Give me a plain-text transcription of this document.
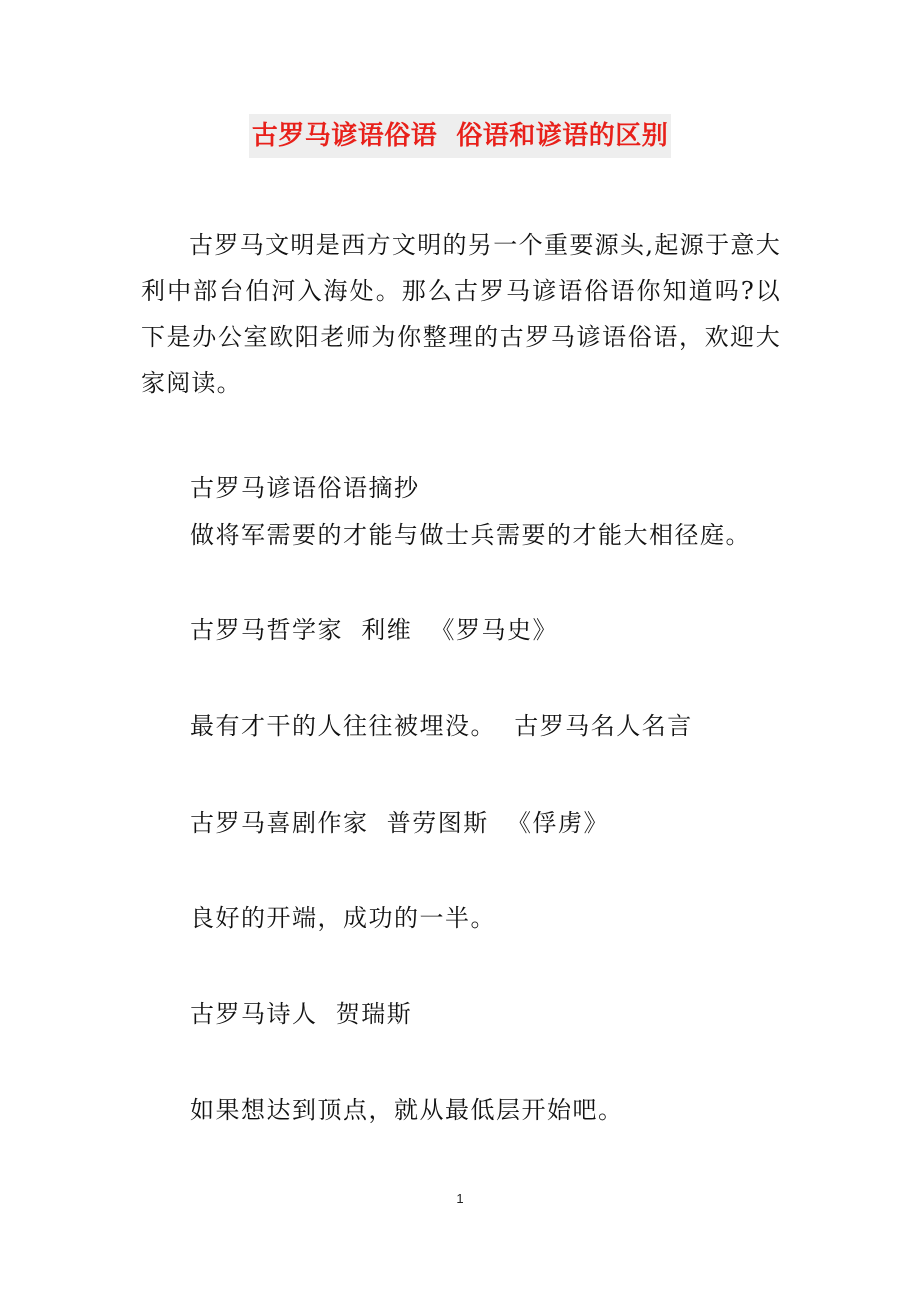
古罗马谚语俗语  俗语和谚语的区别

古罗马文明是西方文明的另一个重要源头,起源于意大利中部台伯河入海处。那么古罗马谚语俗语你知道吗?以下是办公室欧阳老师为你整理的古罗马谚语俗语，欢迎大家阅读。

古罗马谚语俗语摘抄

做将军需要的才能与做士兵需要的才能大相径庭。

古罗马哲学家  利维  《罗马史》

最有才干的人往往被埋没。  古罗马名人名言

古罗马喜剧作家  普劳图斯  《俘虏》

良好的开端，成功的一半。

古罗马诗人  贺瑞斯

如果想达到顶点，就从最低层开始吧。

1
